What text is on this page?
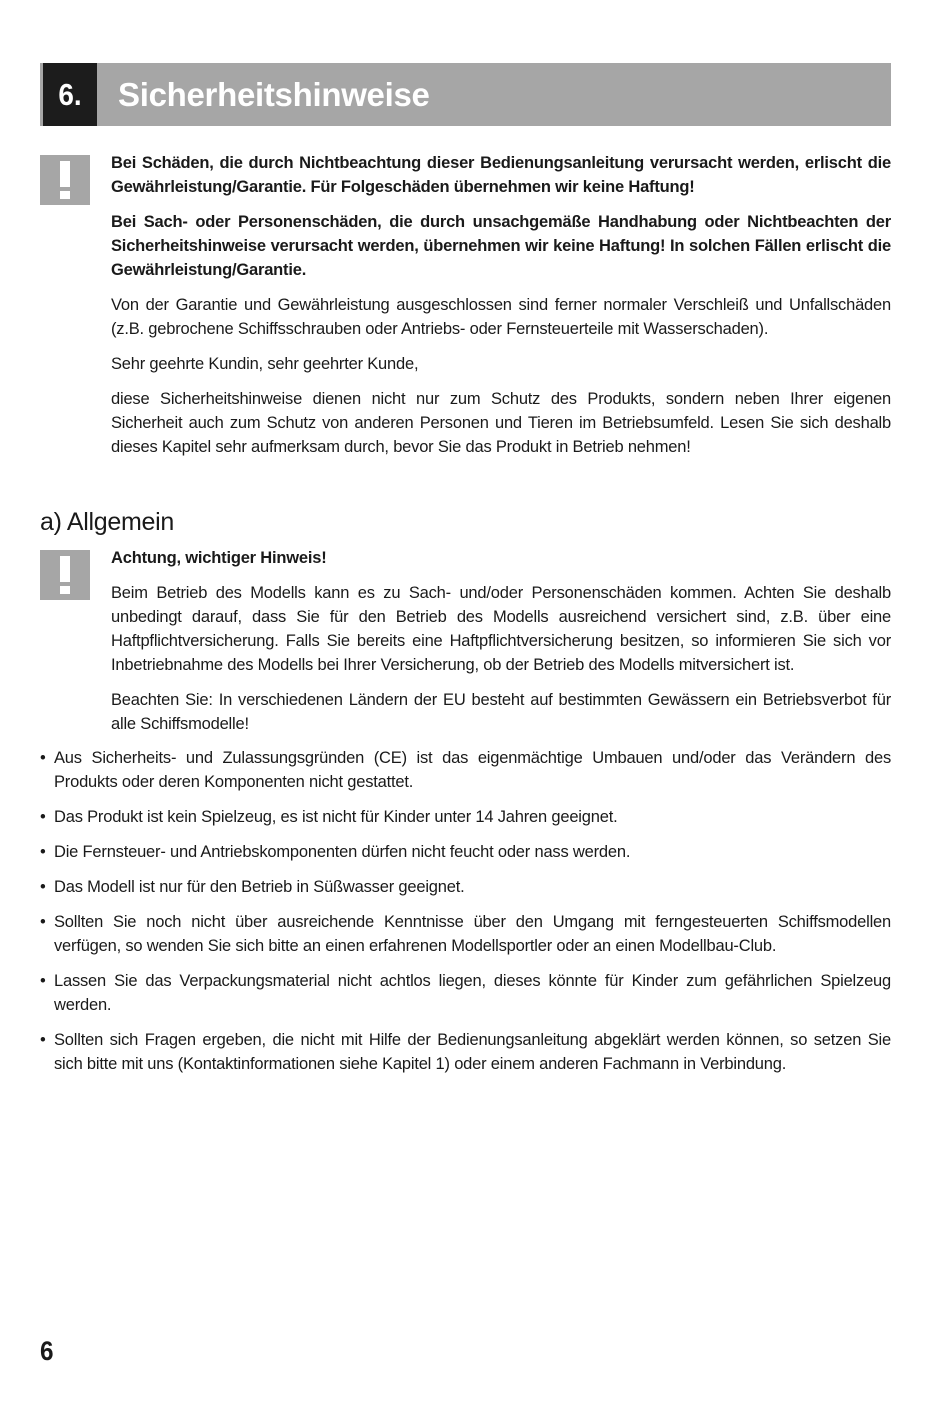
6.	Sicherheitshinweise

Bei Schäden, die durch Nichtbeachtung dieser Bedienungsanleitung verursacht werden, erlischt die Gewährleistung/Garantie. Für Folgeschäden übernehmen wir keine Haftung!

Bei Sach- oder Personenschäden, die durch unsachgemäße Handhabung oder Nichtbeachten der Sicherheitshinweise verursacht werden, übernehmen wir keine Haftung! In solchen Fällen erlischt die Gewährleistung/Garantie.

Von der Garantie und Gewährleistung ausgeschlossen sind ferner normaler Verschleiß und Unfallschäden (z.B. gebrochene Schiffsschrauben oder Antriebs- oder Fernsteuerteile mit Wasserschaden).

Sehr geehrte Kundin, sehr geehrter Kunde,

diese Sicherheitshinweise dienen nicht nur zum Schutz des Produkts, sondern neben Ihrer eigenen Sicherheit auch zum Schutz von anderen Personen und Tieren im Betriebsumfeld. Lesen Sie sich deshalb dieses Kapitel sehr aufmerksam durch, bevor Sie das Produkt in Betrieb nehmen!

a) Allgemein

Achtung, wichtiger Hinweis!

Beim Betrieb des Modells kann es zu Sach- und/oder Personenschäden kommen. Achten Sie deshalb unbedingt darauf, dass Sie für den Betrieb des Modells ausreichend versichert sind, z.B. über eine Haftpflichtversicherung. Falls Sie bereits eine Haftpflichtversicherung besitzen, so informieren Sie sich vor Inbetriebnahme des Modells bei Ihrer Versicherung, ob der Betrieb des Modells mitversichert ist.

Beachten Sie: In verschiedenen Ländern der EU besteht auf bestimmten Gewässern ein Betriebsverbot für alle Schiffsmodelle!

• Aus Sicherheits- und Zulassungsgründen (CE) ist das eigenmächtige Umbauen und/oder das Verändern des Produkts oder deren Komponenten nicht gestattet.
• Das Produkt ist kein Spielzeug, es ist nicht für Kinder unter 14 Jahren geeignet.
• Die Fernsteuer- und Antriebskomponenten dürfen nicht feucht oder nass werden.
• Das Modell ist nur für den Betrieb in Süßwasser geeignet.
• Sollten Sie noch nicht über ausreichende Kenntnisse über den Umgang mit ferngesteuerten Schiffsmodellen verfügen, so wenden Sie sich bitte an einen erfahrenen Modellsportler oder an einen Modellbau-Club.
• Lassen Sie das Verpackungsmaterial nicht achtlos liegen, dieses könnte für Kinder zum gefährlichen Spielzeug werden.
• Sollten sich Fragen ergeben, die nicht mit Hilfe der Bedienungsanleitung abgeklärt werden können, so setzen Sie sich bitte mit uns (Kontaktinformationen siehe Kapitel 1) oder einem anderen Fachmann in Verbindung.
6
